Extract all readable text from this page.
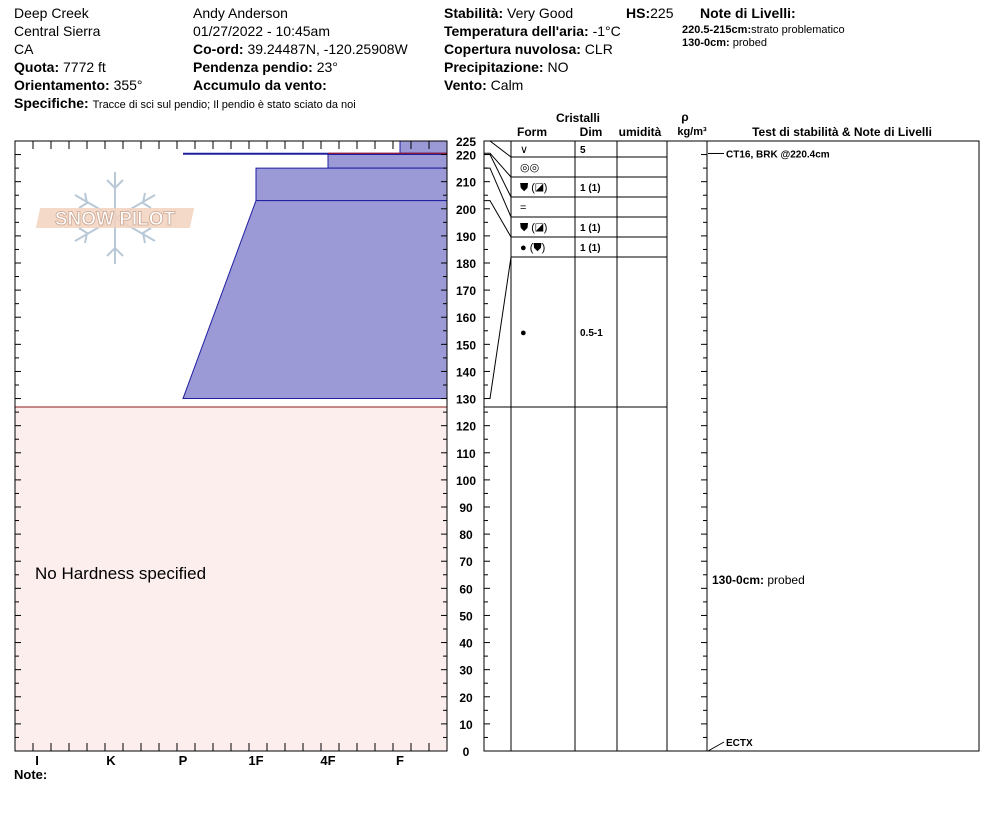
Deep Creek
Central Sierra
CA
Quota: 7772 ft
Orientamento: 355°
Specifiche: Tracce di sci sul pendio; Il pendio è stato sciato da noi
Andy Anderson
01/27/2022 - 10:45am
Co-ord: 39.24487N, -120.25908W
Pendenza pendio: 23°
Accumulo da vento:
Stabilità: Very Good	HS:225
Temperatura dell'aria: -1°C
Copertura nuvolosa: CLR
Precipitazione: NO
Vento: Calm
Note di Livelli:
220.5-215cm:strato problematico
130-0cm: probed
SNOW PILOT
I	K	P	1F	4F	F
No Hardness specified
0
10
20
30
40
50
60
70
80
90
100
110
120
130
140
150
160
170
180
190
200
210
220
225
∨	5
◎◎
⛊ (◪)	1 (1)
=
⛊ (◪)	1 (1)
● (⛊)	1 (1)
●	0.5-1
CT16, BRK @220.4cm
ECTX
130-0cm: probed
Cristalli
Form	Dim umidità
ρ
kg/m³	Test di stabilità & Note di Livelli
Note:
